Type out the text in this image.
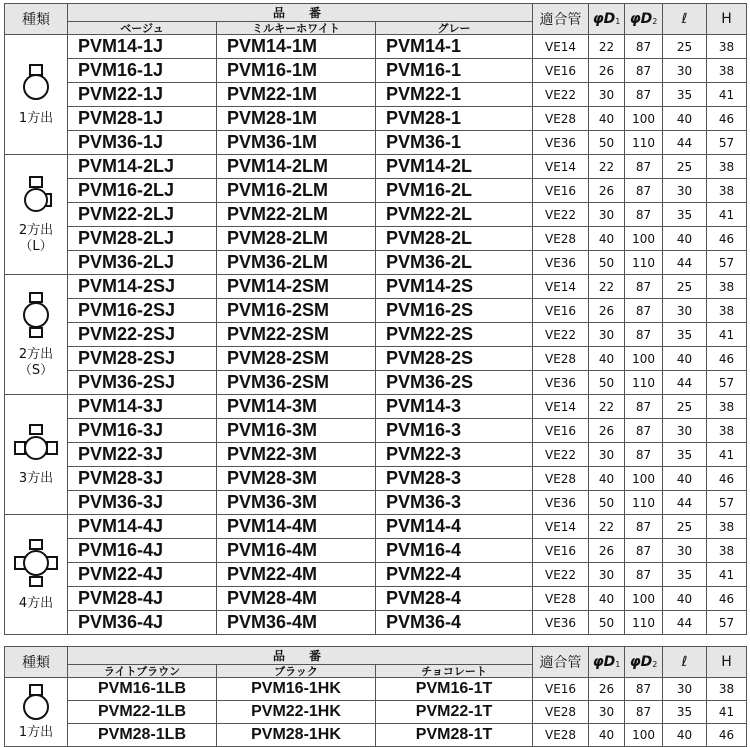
種類	品　番			適合管	φD1	φD2	ℓ	H
	ベージュ	ミルキーホワイト	グレー					

1方出	PVM14-1J	PVM14-1M	PVM14-1	VE14	22	87	25	38
	PVM16-1J	PVM16-1M	PVM16-1	VE16	26	87	30	38
	PVM22-1J	PVM22-1M	PVM22-1	VE22	30	87	35	41
	PVM28-1J	PVM28-1M	PVM28-1	VE28	40	100	40	46
	PVM36-1J	PVM36-1M	PVM36-1	VE36	50	110	44	57

2方出
（L）	PVM14-2LJ	PVM14-2LM	PVM14-2L	VE14	22	87	25	38
	PVM16-2LJ	PVM16-2LM	PVM16-2L	VE16	26	87	30	38
	PVM22-2LJ	PVM22-2LM	PVM22-2L	VE22	30	87	35	41
	PVM28-2LJ	PVM28-2LM	PVM28-2L	VE28	40	100	40	46
	PVM36-2LJ	PVM36-2LM	PVM36-2L	VE36	50	110	44	57

2方出
（S）	PVM14-2SJ	PVM14-2SM	PVM14-2S	VE14	22	87	25	38
	PVM16-2SJ	PVM16-2SM	PVM16-2S	VE16	26	87	30	38
	PVM22-2SJ	PVM22-2SM	PVM22-2S	VE22	30	87	35	41
	PVM28-2SJ	PVM28-2SM	PVM28-2S	VE28	40	100	40	46
	PVM36-2SJ	PVM36-2SM	PVM36-2S	VE36	50	110	44	57

3方出	PVM14-3J	PVM14-3M	PVM14-3	VE14	22	87	25	38
	PVM16-3J	PVM16-3M	PVM16-3	VE16	26	87	30	38
	PVM22-3J	PVM22-3M	PVM22-3	VE22	30	87	35	41
	PVM28-3J	PVM28-3M	PVM28-3	VE28	40	100	40	46
	PVM36-3J	PVM36-3M	PVM36-3	VE36	50	110	44	57

4方出	PVM14-4J	PVM14-4M	PVM14-4	VE14	22	87	25	38
	PVM16-4J	PVM16-4M	PVM16-4	VE16	26	87	30	38
	PVM22-4J	PVM22-4M	PVM22-4	VE22	30	87	35	41
	PVM28-4J	PVM28-4M	PVM28-4	VE28	40	100	40	46
	PVM36-4J	PVM36-4M	PVM36-4	VE36	50	110	44	57
種類	品　番			適合管	φD1	φD2	ℓ	H
	ライトブラウン	ブラック	チョコレート					

1方出	PVM16-1LB	PVM16-1HK	PVM16-1T	VE16	26	87	30	38
	PVM22-1LB	PVM22-1HK	PVM22-1T	VE28	30	87	35	41
	PVM28-1LB	PVM28-1HK	PVM28-1T	VE28	40	100	40	46
